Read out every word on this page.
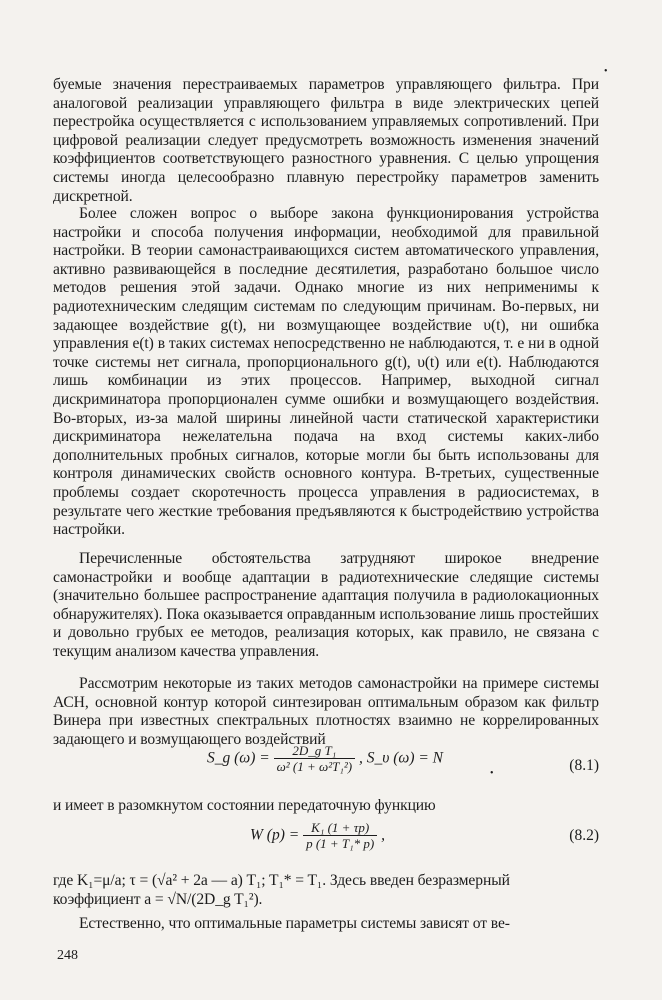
•

буемые значения перестраиваемых параметров управляющего фильтра. При аналоговой реализации управляющего фильтра в виде электрических цепей перестройка осуществляется с использованием управляемых сопротивлений. При цифровой реализации следует предусмотреть возможность изменения значений коэффициентов соответствующего разностного уравнения. С целью упрощения системы иногда целесообразно плавную перестройку параметров заменить дискретной.

Более сложен вопрос о выборе закона функционирования устройства настройки и способа получения информации, необходимой для правильной настройки. В теории самонастраивающихся систем автоматического управления, активно развивающейся в последние десятилетия, разработано большое число методов решения этой задачи. Однако многие из них неприменимы к радиотехническим следящим системам по следующим причинам. Во-первых, ни задающее воздействие g(t), ни возмущающее воздействие υ(t), ни ошибка управления e(t) в таких системах непосредственно не наблюдаются, т. е ни в одной точке системы нет сигнала, пропорционального g(t), υ(t) или e(t). Наблюдаются лишь комбинации из этих процессов. Например, выходной сигнал дискриминатора пропорционален сумме ошибки и возмущающего воздействия. Во-вторых, из-за малой ширины линейной части статической характеристики дискриминатора нежелательна подача на вход системы каких-либо дополнительных пробных сигналов, которые могли бы быть использованы для контроля динамических свойств основного контура. В-третьих, существенные проблемы создает скоротечность процесса управления в радиосистемах, в результате чего жесткие требования предъявляются к быстродействию устройства настройки.

Перечисленные обстоятельства затрудняют широкое внедрение самонастройки и вообще адаптации в радиотехнические следящие системы (значительно большее распространение адаптация получила в радиолокационных обнаружителях). Пока оказывается оправданным использование лишь простейших и довольно грубых ее методов, реализация которых, как правило, не связана с текущим анализом качества управления.

Рассмотрим некоторые из таких методов самонастройки на примере системы АСН, основной контур которой синтезирован оптимальным образом как фильтр Винера при известных спектральных плотностях взаимно не коррелированных задающего и возмущающего воздействий

S_g $(\omega) = \frac{\text{2D\_g T₁}}{\text{ω² (1 + ω²T₁²)}}$ , S_υ (ω) = N
•	(8.1)

и имеет в разомкнутом состоянии передаточную функцию

W $(p) = \frac{\text{K₁ (1 + τp)}}{\text{p (1 + T₁* p)}}$ ,	(8.2)

где K₁=μ/a; τ = (√a² + 2a — a) T₁; T₁* = T₁. Здесь введен безразмерный

коэффициент a = √N/(2D_g T₁²).

Естественно, что оптимальные параметры системы зависят от ве-

248
